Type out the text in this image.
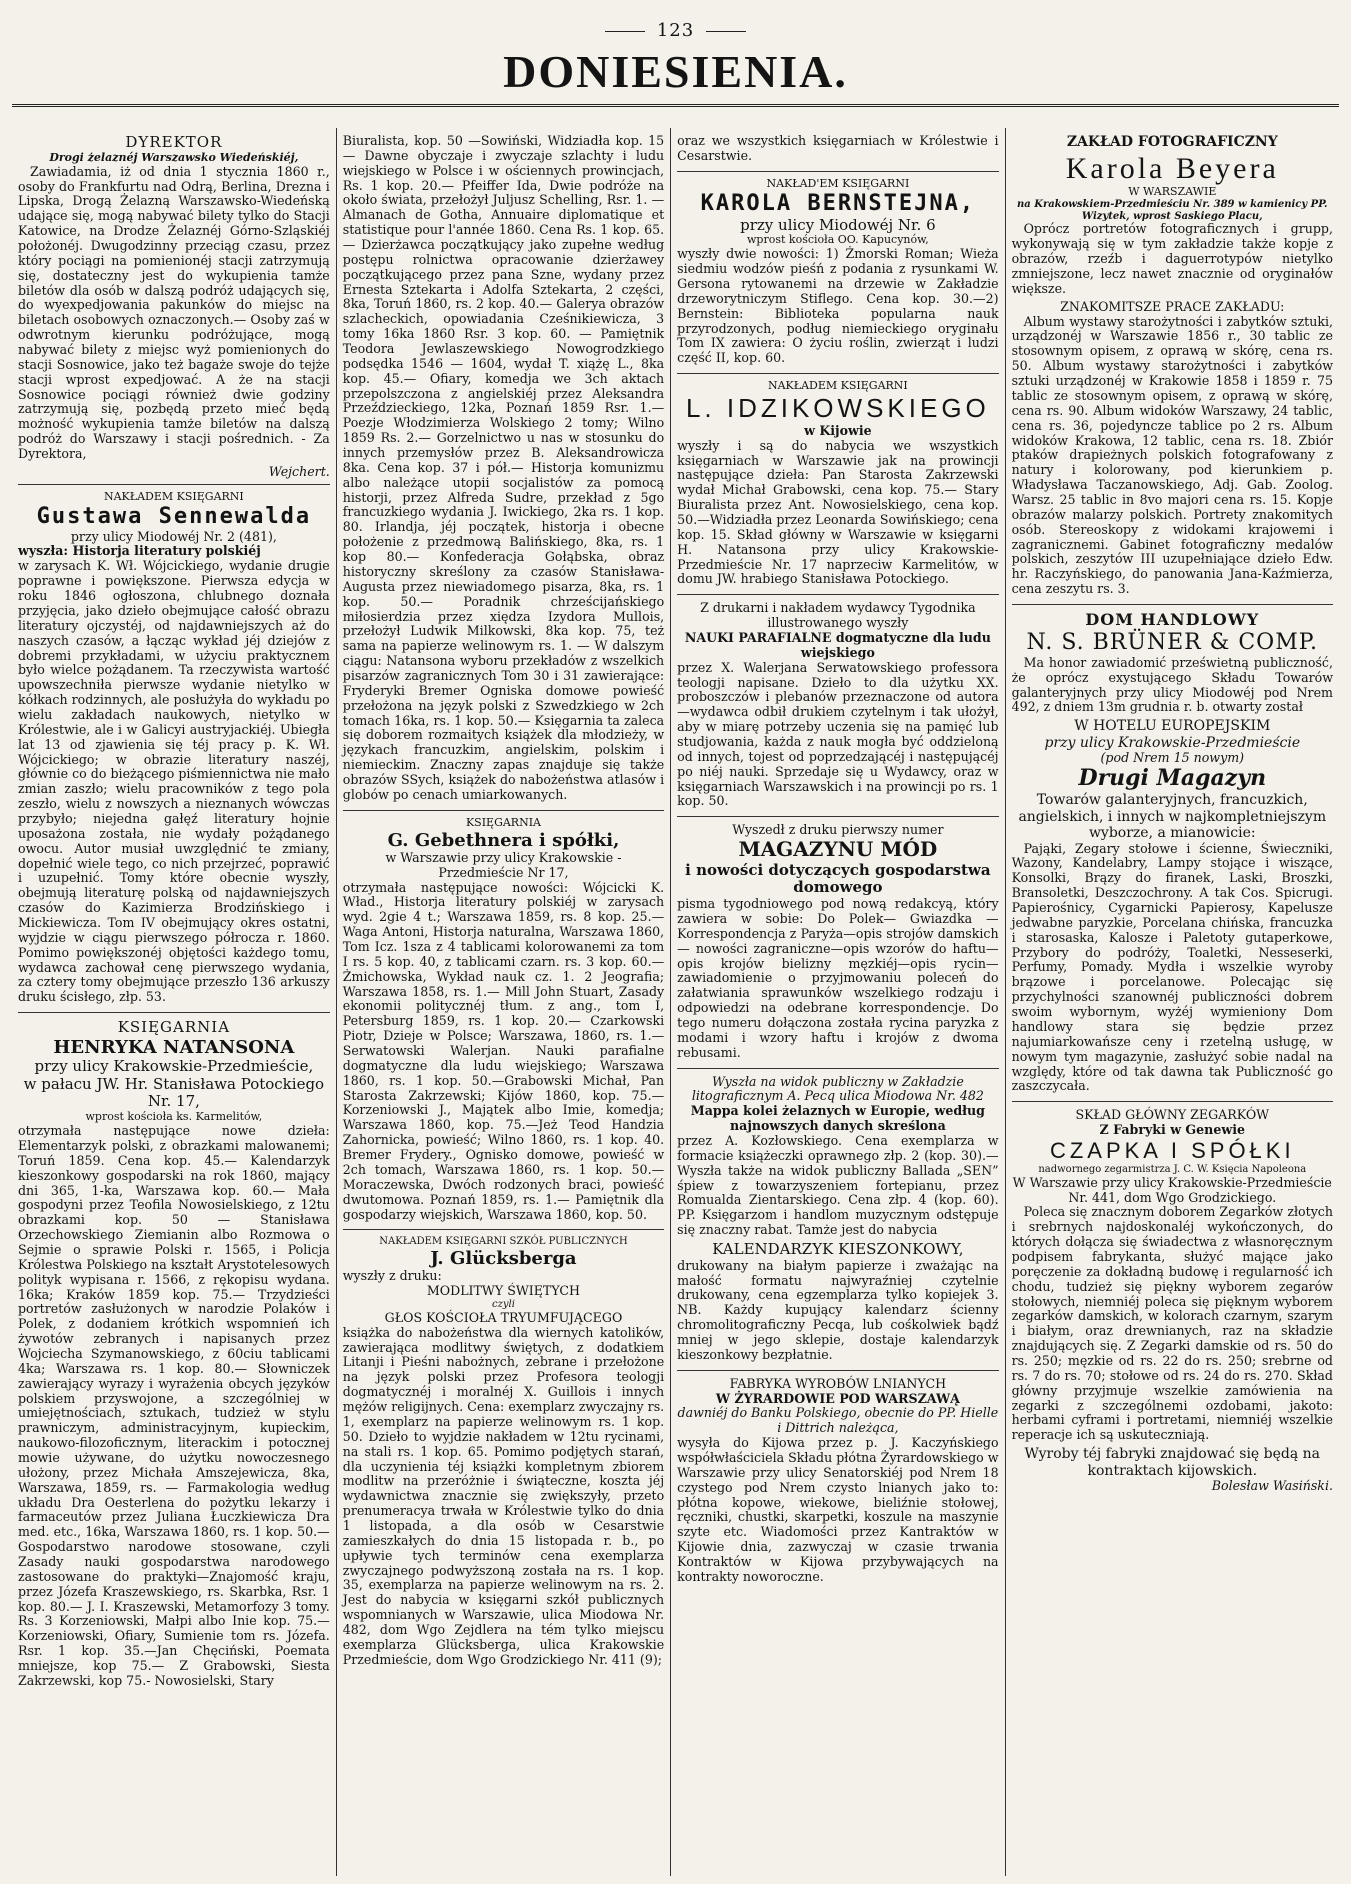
123
DONIESIENIA.
DYREKTOR
Drogi żelaznéj Warszawsko Wiedeńskiéj,

Zawiadamia, iż od dnia 1 stycznia 1860 r., osoby do Frankfurtu nad Odrą, Berlina, Drezna i Lipska, Drogą Żelazną Warszawsko-Wiedeńską udające się, mogą nabywać bilety tylko do Stacji Katowice, na Drodze Żelaznéj Górno-Szląskiéj położonéj. Dwugodzinny przeciąg czasu, przez który pociągi na pomienionéj stacji zatrzymują się, dostateczny jest do wykupienia tamże biletów dla osób w dalszą podróż udających się, do wyexpedjowania pakunków do miejsc na biletach osobowych oznaczonych.— Osoby zaś w odwrotnym kierunku podróżujące, mogą nabywać bilety z miejsc wyż pomienionych do stacji Sosnowice, jako też bagaże swoje do tejże stacji wprost expedjować. A że na stacji Sosnowice pociągi również dwie godziny zatrzymują się, pozbędą przeto mieć będą możność wykupienia tamże biletów na dalszą podróż do Warszawy i stacji pośrednich. - Za Dyrektora,

Wejchert.
NAKŁADEM KSIĘGARNI
Gustawa Sennewalda
przy ulicy Miodowéj Nr. 2 (481),
wyszła: Historja literatury polskiéj

w zarysach K. Wł. Wójcickiego, wydanie drugie poprawne i powiększone. Pierwsza edycja w roku 1846 ogłoszona, chlubnego doznała przyjęcia, jako dzieło obejmujące całość obrazu literatury ojczystéj, od najdawniejszych aż do naszych czasów, a łącząc wykład jéj dziejów z dobremi przykładami, w użyciu praktycznem było wielce pożądanem. Ta rzeczywista wartość upowszechniła pierwsze wydanie nietylko w kółkach rodzinnych, ale posłużyła do wykładu po wielu zakładach naukowych, nietylko w Królestwie, ale i w Galicyi austryjackiéj. Ubiegła lat 13 od zjawienia się téj pracy p. K. Wł. Wójcickiego; w obrazie literatury naszéj, głównie co do bieżącego piśmiennictwa nie mało zmian zaszło; wielu pracowników z tego pola zeszło, wielu z nowszych a nieznanych wówczas przybyło; niejedna gałęź literatury hojnie uposażona została, nie wydały pożądanego owocu. Autor musiał uwzględnić te zmiany, dopełnić wiele tego, co nich przejrzeć, poprawić i uzupełnić. Tomy które obecnie wyszły, obejmują literaturę polską od najdawniejszych czasów do Kazimierza Brodzińskiego i Mickiewicza. Tom IV obejmujący okres ostatni, wyjdzie w ciągu pierwszego półrocza r. 1860. Pomimo powiększonéj objętości każdego tomu, wydawca zachował cenę pierwszego wydania, za cztery tomy obejmujące przeszło 136 arkuszy druku ścisłego, złp. 53.

KSIĘGARNIA
HENRYKA NATANSONA
przy ulicy Krakowskie-Przedmieście,
w pałacu JW. Hr. Stanisława Potockiego Nr. 17,
wprost kościoła ks. Karmelitów,

otrzymała następujące nowe dzieła: Elementarzyk polski, z obrazkami malowanemi; Toruń 1859. Cena kop. 45.— Kalendarzyk kieszonkowy gospodarski na rok 1860, mający dni 365, 1-ka, Warszawa kop. 60.— Mała gospodyni przez Teofila Nowosielskiego, z 12tu obrazkami kop. 50 — Stanisława Orzechowskiego Ziemianin albo Rozmowa o Sejmie o sprawie Polski r. 1565, i Policja Królestwa Polskiego na kształt Arystotelesowych polityk wypisana r. 1566, z rękopisu wydana. 16ka; Kraków 1859 kop. 75.— Trzydzieści portretów zasłużonych w narodzie Polaków i Polek, z dodaniem krótkich wspomnień ich żywotów zebranych i napisanych przez Wojciecha Szymanowskiego, z 60ciu tablicami 4ka; Warszawa rs. 1 kop. 80.— Słowniczek zawierający wyrazy i wyrażenia obcych języków polskiem przyswojone, a szczególniej w umiejętnościach, sztukach, tudzież w stylu prawniczym, administracyjnym, kupieckim, naukowo-filozoficznym, literackim i potocznej mowie używane, do użytku nowoczesnego ułożony, przez Michała Amszejewicza, 8ka, Warszawa, 1859, rs. — Farmakologia według układu Dra Oesterlena do pożytku lekarzy i farmaceutów przez Juliana Łuczkiewicza Dra med. etc., 16ka, Warszawa 1860, rs. 1 kop. 50.— Gospodarstwo narodowe stosowane, czyli Zasady nauki gospodarstwa narodowego zastosowane do praktyki—Znajomość kraju, przez Józefa Kraszewskiego, rs. Skarbka, Rsr. 1 kop. 80.— J. I. Kraszewski, Metamorfozy 3 tomy. Rs. 3 Korzeniowski, Małpi albo Inie kop. 75.— Korzeniowski, Ofiary, Sumienie tom rs. Józefa. Rsr. 1 kop. 35.—Jan Chęciński, Poemata mniejsze, kop 75.— Z Grabowski, Siesta Zakrzewski, kop 75.- Nowosielski, Stary

Biuralista, kop. 50 —Sowiński, Widziadła kop. 15 — Dawne obyczaje i zwyczaje szlachty i ludu wiejskiego w Polsce i w ościennych prowincjach, Rs. 1 kop. 20.— Pfeiffer Ida, Dwie podróże na około świata, przełożył Juljusz Schelling, Rsr. 1. — Almanach de Gotha, Annuaire diplomatique et statistique pour l'année 1860. Cena Rs. 1 kop. 65. — Dzierżawca początkujący jako zupełne według postępu rolnictwa opracowanie dzierżawey początkującego przez pana Szne, wydany przez Ernesta Sztekarta i Adolfa Sztekarta, 2 części, 8ka, Toruń 1860, rs. 2 kop. 40.— Galerya obrazów szlacheckich, opowiadania Cześnikiewicza, 3 tomy 16ka 1860 Rsr. 3 kop. 60. — Pamiętnik Teodora Jewlaszewskiego Nowogrodzkiego podsędka 1546 — 1604, wydał T. xiążę L., 8ka kop. 45.— Ofiary, komedja we 3ch aktach przepolszczona z angielskiéj przez Aleksandra Przeździeckiego, 12ka, Poznań 1859 Rsr. 1.— Poezje Włodzimierza Wolskiego 2 tomy; Wilno 1859 Rs. 2.— Gorzelnictwo u nas w stosunku do innych przemysłów przez B. Aleksandrowicza 8ka. Cena kop. 37 i pół.— Historja komunizmu albo należące utopii socjalistów za pomocą historji, przez Alfreda Sudre, przekład z 5go francuzkiego wydania J. Iwickiego, 2ka rs. 1 kop. 80. Irlandja, jéj początek, historja i obecne położenie z przedmową Balińskiego, 8ka, rs. 1 kop 80.— Konfederacja Gołąbska, obraz historyczny skreślony za czasów Stanisława-Augusta przez niewiadomego pisarza, 8ka, rs. 1 kop. 50.— Poradnik chrześcijańskiego miłosierdzia przez xiędza Izydora Mullois, przełożył Ludwik Milkowski, 8ka kop. 75, też sama na papierze welinowym rs. 1. — W dalszym ciągu: Natansona wyboru przekładów z wszelkich pisarzów zagranicznych Tom 30 i 31 zawierające: Fryderyki Bremer Ogniska domowe powieść przełożona na język polski z Szwedzkiego w 2ch tomach 16ka, rs. 1 kop. 50.— Księgarnia ta zaleca się doborem rozmaitych książek dla młodzieży, w językach francuzkim, angielskim, polskim i niemieckim. Znaczny zapas znajduje się także obrazów SSych, książek do nabożeństwa atlasów i globów po cenach umiarkowanych.

KSIĘGARNIA
G. Gebethnera i spółki,
w Warszawie przy ulicy Krakowskie - Przedmieście Nr 17,

otrzymała następujące nowości: Wójcicki K. Wład., Historja literatury polskiéj w zarysach wyd. 2gie 4 t.; Warszawa 1859, rs. 8 kop. 25.— Waga Antoni, Historja naturalna, Warszawa 1860, Tom Icz. 1sza z 4 tablicami kolorowanemi za tom I rs. 5 kop. 40, z tablicami czarn. rs. 3 kop. 60.— Żmichowska, Wykład nauk cz. 1. 2 Jeografia; Warszawa 1858, rs. 1.— Mill John Stuart, Zasady ekonomii politycznéj tłum. z ang., tom I, Petersburg 1859, rs. 1 kop. 20.— Czarkowski Piotr, Dzieje w Polsce; Warszawa, 1860, rs. 1.— Serwatowski Walerjan. Nauki parafialne dogmatyczne dla ludu wiejskiego; Warszawa 1860, rs. 1 kop. 50.—Grabowski Michał, Pan Starosta Zakrzewski; Kijów 1860, kop. 75.— Korzeniowski J., Majątek albo Imie, komedja; Warszawa 1860, kop. 75.—Jeż Teod Handzia Zahornicka, powieść; Wilno 1860, rs. 1 kop. 40. Bremer Frydery., Ognisko domowe, powieść w 2ch tomach, Warszawa 1860, rs. 1 kop. 50.— Moraczewska, Dwóch rodzonych braci, powieść dwutomowa. Poznań 1859, rs. 1.— Pamiętnik dla gospodarzy wiejskich, Warszawa 1860, kop. 50.

NAKŁADEM KSIĘGARNI SZKÓŁ PUBLICZNYCH
J. Glücksberga
wyszły z druku:
MODLITWY ŚWIĘTYCH
czyli
GŁOS KOŚCIOŁA TRYUMFUJĄCEGO

książka do nabożeństwa dla wiernych katolików, zawierająca modlitwy świętych, z dodatkiem Litanji i Pieśni nabożnych, zebrane i przełożone na język polski przez Profesora teologji dogmatycznéj i moralnéj X. Guillois i innych mężów religijnych. Cena: exemplarz zwyczajny rs. 1, exemplarz na papierze welinowym rs. 1 kop. 50. Dzieło to wyjdzie nakładem w 12tu rycinami, na stali rs. 1 kop. 65. Pomimo podjętych starań, dla uczynienia téj książki kompletnym zbiorem modlitw na przeróżnie i świąteczne, koszta jéj wydawnictwa znacznie się zwiększyły, przeto prenumeracya trwała w Królestwie tylko do dnia 1 listopada, a dla osób w Cesarstwie zamieszkałych do dnia 15 listopada r. b., po upływie tych terminów cena exemplarza zwyczajnego podwyższoną została na rs. 1 kop. 35, exemplarza na papierze welinowym na rs. 2. Jest do nabycia w księgarni szkół publicznych wspomnianych w Warszawie, ulica Miodowa Nr. 482, dom Wgo Zejdlera na tém tylko miejscu exemplarza Glücksberga, ulica Krakowskie Przedmieście, dom Wgo Grodzickiego Nr. 411 (9);

oraz we wszystkich księgarniach w Królestwie i Cesarstwie.

NAKŁAD'EM KSIĘGARNI
KAROLA BERNSTEJNA,
przy ulicy Miodowéj Nr. 6
wprost kościoła OO. Kapucynów,

wyszły dwie nowości: 1) Żmorski Roman; Wieża siedmiu wodzów pieśń z podania z rysunkami W. Gersona rytowanemi na drzewie w Zakładzie drzeworytniczym Stiflego. Cena kop. 30.—2) Bernstein: Biblioteka popularna nauk przyrodzonych, podług niemieckiego oryginału Tom IX zawiera: O życiu roślin, zwierząt i ludzi część II, kop. 60.

NAKŁADEM KSIĘGARNI
L. IDZIKOWSKIEGO
w Kijowie

wyszły i są do nabycia we wszystkich księgarniach w Warszawie jak na prowincji następujące dzieła: Pan Starosta Zakrzewski wydał Michał Grabowski, cena kop. 75.— Stary Biuralista przez Ant. Nowosielskiego, cena kop. 50.—Widziadła przez Leonarda Sowińskiego; cena kop. 15. Skład główny w Warszawie w księgarni H. Natansona przy ulicy Krakowskie-Przedmieście Nr. 17 naprzeciw Karmelitów, w domu JW. hrabiego Stanisława Potockiego.

Z drukarni i nakładem wydawcy Tygodnika illustrowanego wyszły
NAUKI PARAFIALNE dogmatyczne dla ludu wiejskiego

przez X. Walerjana Serwatowskiego professora teologji napisane. Dzieło to dla użytku XX. proboszczów i plebanów przeznaczone od autora—wydawca odbił drukiem czytelnym i tak ułożył, aby w miarę potrzeby uczenia się na pamięć lub studjowania, każda z nauk mogła być oddzieloną od innych, tojest od poprzedzającéj i następującéj po niéj nauki. Sprzedaje się u Wydawcy, oraz w księgarniach Warszawskich i na prowincji po rs. 1 kop. 50.

Wyszedł z druku pierwszy numer
MAGAZYNU MÓD
i nowości dotyczących gospodarstwa domowego

pisma tygodniowego pod nową redakcyą, który zawiera w sobie: Do Polek— Gwiazdka — Korrespondencja z Paryża—opis strojów damskich — nowości zagraniczne—opis wzorów do haftu—opis krojów bielizny męzkiéj—opis rycin—zawiadomienie o przyjmowaniu poleceń do załatwiania sprawunków wszelkiego rodzaju i odpowiedzi na odebrane korrespondencje. Do tego numeru dołączona została rycina paryzka z modami i wzory haftu i krojów z dwoma rebusami.

Wyszła na widok publiczny w Zakładzie litograficznym A. Pecq ulica Miodowa Nr. 482
Mappa kolei żelaznych w Europie, według najnowszych danych skreślona

przez A. Kozłowskiego. Cena exemplarza w formacie książeczki oprawnego złp. 2 (kop. 30).—Wyszła także na widok publiczny Ballada „SEN” śpiew z towarzyszeniem fortepianu, przez Romualda Zientarskiego. Cena złp. 4 (kop. 60). PP. Księgarzom i handlom muzycznym odstępuje się znaczny rabat. Tamże jest do nabycia

KALENDARZYK KIESZONKOWY,

drukowany na białym papierze i zważając na małość formatu najwyraźniej czytelnie drukowany, cena egzemplarza tylko kopiejek 3. NB. Każdy kupujący kalendarz ścienny chromolitograficzny Pecqa, lub cośkolwiek bądź mniej w jego sklepie, dostaje kalendarzyk kieszonkowy bezpłatnie.

FABRYKA WYROBÓW LNIANYCH
W ŻYRARDOWIE POD WARSZAWĄ
dawniéj do Banku Polskiego, obecnie do PP. Hielle i Dittrich należąca,

wysyła do Kijowa przez p. J. Kaczyńskiego współwłaściciela Składu płótna Żyrardowskiego w Warszawie przy ulicy Senatorskiéj pod Nrem 18 czystego pod Nrem czysto lnianych jako to: płótna kopowe, wiekowe, bieliźnie stołowej, ręczniki, chustki, skarpetki, koszule na maszynie szyte etc. Wiadomości przez Kantraktów w Kijowie dnia, zazwyczaj w czasie trwania Kontraktów w Kijowa przybywających na kontrakty noworoczne.

ZAKŁAD FOTOGRAFICZNY
Karola Beyera
W WARSZAWIE
na Krakowskiem-Przedmieściu Nr. 389 w kamienicy PP. Wizytek, wprost Saskiego Placu,

Oprócz portretów fotograficznych i grupp, wykonywają się w tym zakładzie także kopje z obrazów, rzeźb i daguerrotypów nietylko zmniejszone, lecz nawet znacznie od oryginałów większe.

ZNAKOMITSZE PRACE ZAKŁADU:

Album wystawy starożytności i zabytków sztuki, urządzonéj w Warszawie 1856 r., 30 tablic ze stosownym opisem, z oprawą w skórę, cena rs. 50. Album wystawy starożytności i zabytków sztuki urządzonéj w Krakowie 1858 i 1859 r. 75 tablic ze stosownym opisem, z oprawą w skórę, cena rs. 90. Album widoków Warszawy, 24 tablic, cena rs. 36, pojedyncze tablice po 2 rs. Album widoków Krakowa, 12 tablic, cena rs. 18. Zbiór ptaków drapieżnych polskich fotografowany z natury i kolorowany, pod kierunkiem p. Władysława Taczanowskiego, Adj. Gab. Zoolog. Warsz. 25 tablic in 8vo majori cena rs. 15. Kopje obrazów malarzy polskich. Portrety znakomitych osób. Stereoskopy z widokami krajowemi i zagranicznemi. Gabinet fotograficzny medalów polskich, zeszytów III uzupełniające dzieło Edw. hr. Raczyńskiego, do panowania Jana-Kaźmierza, cena zeszytu rs. 3.

DOM HANDLOWY
N. S. BRÜNER & COMP.

Ma honor zawiadomić prześwietną publiczność, że oprócz exystującego Składu Towarów galanteryjnych przy ulicy Miodowéj pod Nrem 492, z dniem 13m grudnia r. b. otwarty został

W HOTELU EUROPEJSKIM
przy ulicy Krakowskie-Przedmieście
(pod Nrem 15 nowym)
Drugi Magazyn
Towarów galanteryjnych, francuzkich, angielskich, i innych w najkompletniejszym wyborze, a mianowicie:

Pająki, Zegary stołowe i ścienne, Świeczniki, Wazony, Kandelabry, Lampy stojące i wiszące, Konsolki, Brązy do firanek, Laski, Broszki, Bransoletki, Deszczochrony. A tak Cos. Spicrugi. Papierośnicy, Cygarnicki Papierosy, Kapelusze jedwabne paryzkie, Porcelana chińska, francuzka i starosaska, Kalosze i Paletoty gutaperkowe, Przybory do podróży, Toaletki, Nesseserki, Perfumy, Pomady. Mydła i wszelkie wyroby brązowe i porcelanowe. Polecając się przychylności szanownéj publiczności dobrem swoim wybornym, wyżéj wymieniony Dom handlowy stara się będzie przez najumiarkowańsze ceny i rzetelną usługę, w nowym tym magazynie, zasłużyć sobie nadal na względy, które od tak dawna tak Publiczność go zaszczycała.

SKŁAD GŁÓWNY ZEGARKÓW
Z Fabryki w Genewie
CZAPKA I SPÓŁKI
nadwornego zegarmistrza J. C. W. Księcia Napoleona
W Warszawie przy ulicy Krakowskie-Przedmieście Nr. 441, dom Wgo Grodzickiego.

Poleca się znacznym doborem Zegarków złotych i srebrnych najdoskonaléj wykończonych, do których dołącza się świadectwa z własnoręcznym podpisem fabrykanta, służyć mające jako poręczenie za dokładną budowę i regularność ich chodu, tudzież się piękny wyborem zegarów stołowych, niemniéj poleca się pięknym wyborem zegarków damskich, w kolorach czarnym, szarym i białym, oraz drewnianych, raz na składzie znajdujących się. Z Zegarki damskie od rs. 50 do rs. 250; męzkie od rs. 22 do rs. 250; srebrne od rs. 7 do rs. 70; stołowe od rs. 24 do rs. 270. Skład główny przyjmuje wszelkie zamówienia na zegarki z szczególnemi ozdobami, jakoto: herbami cyframi i portretami, niemniéj wszelkie reperacje ich są uskuteczniają.

Wyroby téj fabryki znajdować się będą na kontraktach kijowskich.
Bolesław Wasiński.
